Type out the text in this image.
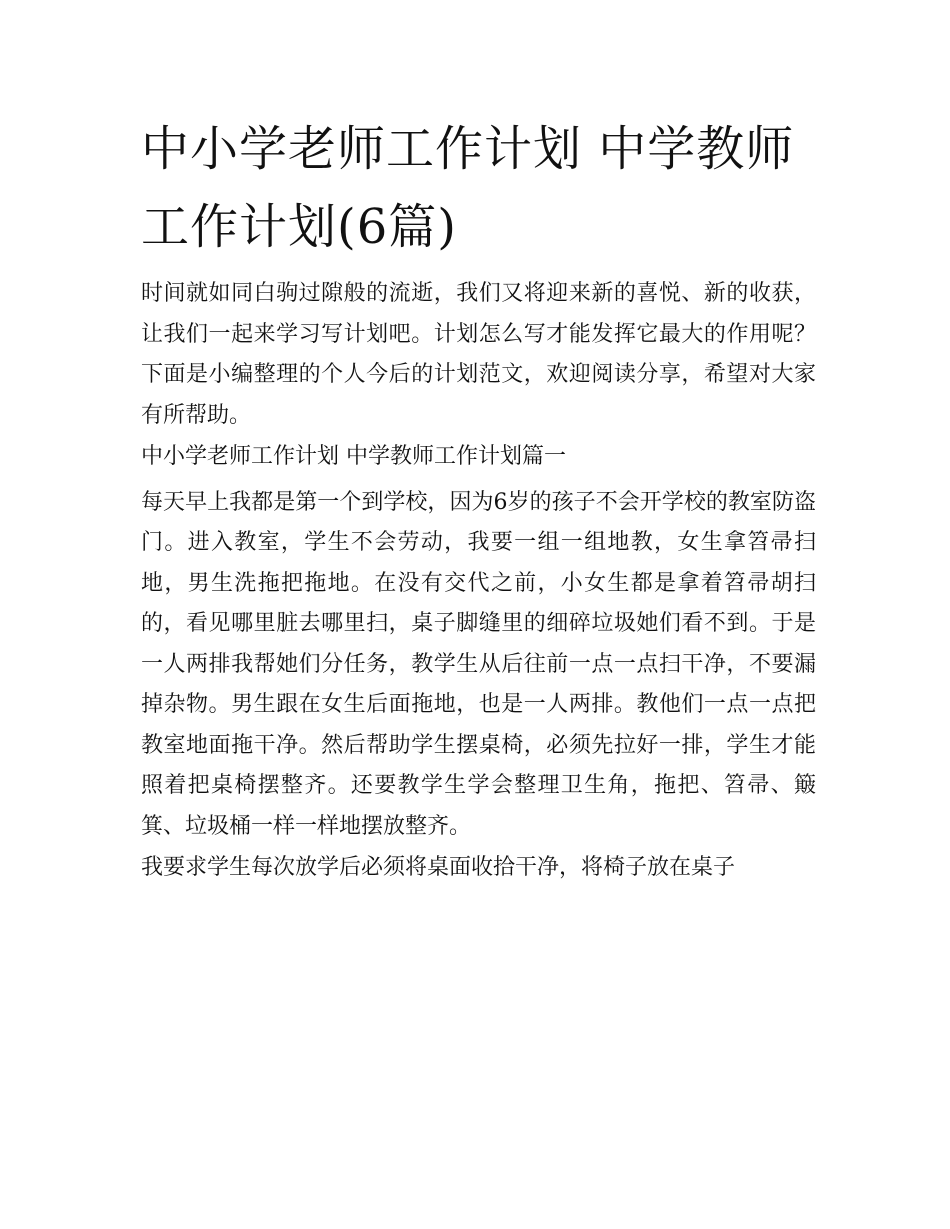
中小学老师工作计划 中学教师工作计划(6篇)

时间就如同白驹过隙般的流逝，我们又将迎来新的喜悦、新的收获，让我们一起来学习写计划吧。计划怎么写才能发挥它最大的作用呢？下面是小编整理的个人今后的计划范文，欢迎阅读分享，希望对大家有所帮助。

中小学老师工作计划 中学教师工作计划篇一

每天早上我都是第一个到学校，因为6岁的孩子不会开学校的教室防盗门。进入教室，学生不会劳动，我要一组一组地教，女生拿笤帚扫地，男生洗拖把拖地。在没有交代之前，小女生都是拿着笤帚胡扫的，看见哪里脏去哪里扫，桌子脚缝里的细碎垃圾她们看不到。于是一人两排我帮她们分任务，教学生从后往前一点一点扫干净，不要漏掉杂物。男生跟在女生后面拖地，也是一人两排。教他们一点一点把教室地面拖干净。然后帮助学生摆桌椅，必须先拉好一排，学生才能照着把桌椅摆整齐。还要教学生学会整理卫生角，拖把、笤帚、簸箕、垃圾桶一样一样地摆放整齐。

我要求学生每次放学后必须将桌面收拾干净，将椅子放在桌子
